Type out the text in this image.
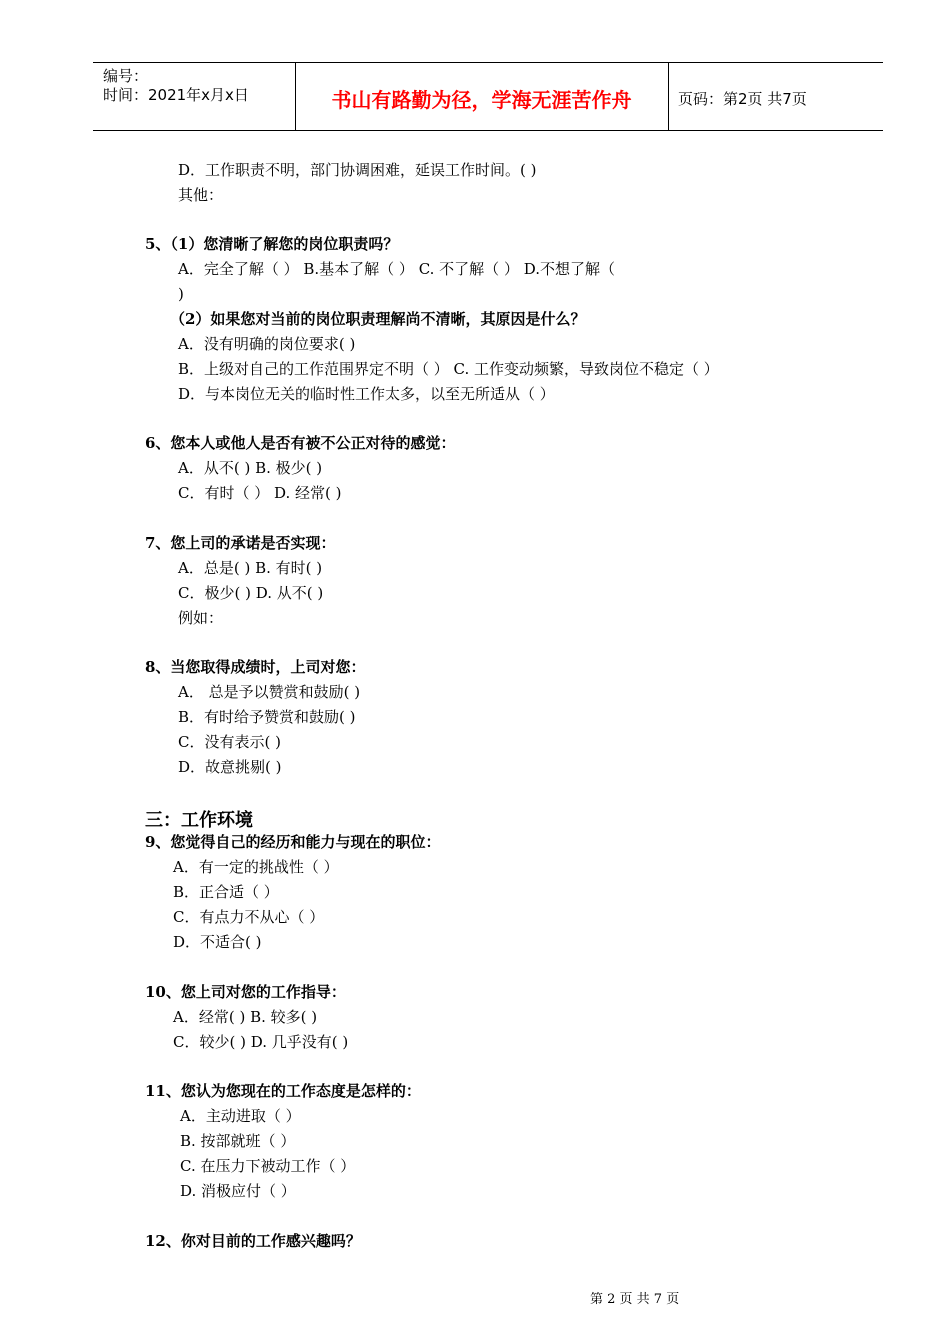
编号：
时间：2021年x月x日	书山有路勤为径，学海无涯苦作舟	页码：第2页 共7页
D．工作职责不明，部门协调困难，延误工作时间。( )
其他：
5、（1）您清晰了解您的岗位职责吗？
A．完全了解（ ） B.基本了解（ ） C. 不了解（ ） D.不想了解（
)
（2）如果您对当前的岗位职责理解尚不清晰，其原因是什么？
A．没有明确的岗位要求( )
B．上级对自己的工作范围界定不明（ ） C. 工作变动频繁，导致岗位不稳定（ ）
D．与本岗位无关的临时性工作太多，以至无所适从（ ）
6、您本人或他人是否有被不公正对待的感觉：
A．从不( ) B. 极少( )
C．有时（ ） D. 经常( )
7、您上司的承诺是否实现：
A．总是( ) B. 有时( )
C．极少( ) D. 从不( )
例如：
8、当您取得成绩时，上司对您：
A． 总是予以赞赏和鼓励( )
B．有时给予赞赏和鼓励( )
C．没有表示( )
D．故意挑剔( )
9、您觉得自己的经历和能力与现在的职位：
A．有一定的挑战性（ ）
B．正合适（ ）
C．有点力不从心（ ）
D．不适合( )
10、您上司对您的工作指导：
A．经常( ) B. 较多( )
C．较少( ) D. 几乎没有( )
11、您认为您现在的工作态度是怎样的：
A．主动进取（ ）
B. 按部就班（ ）
C. 在压力下被动工作（ ）
D. 消极应付（ ）
12、你对目前的工作感兴趣吗？
三：工作环境
第 2 页 共 7 页
